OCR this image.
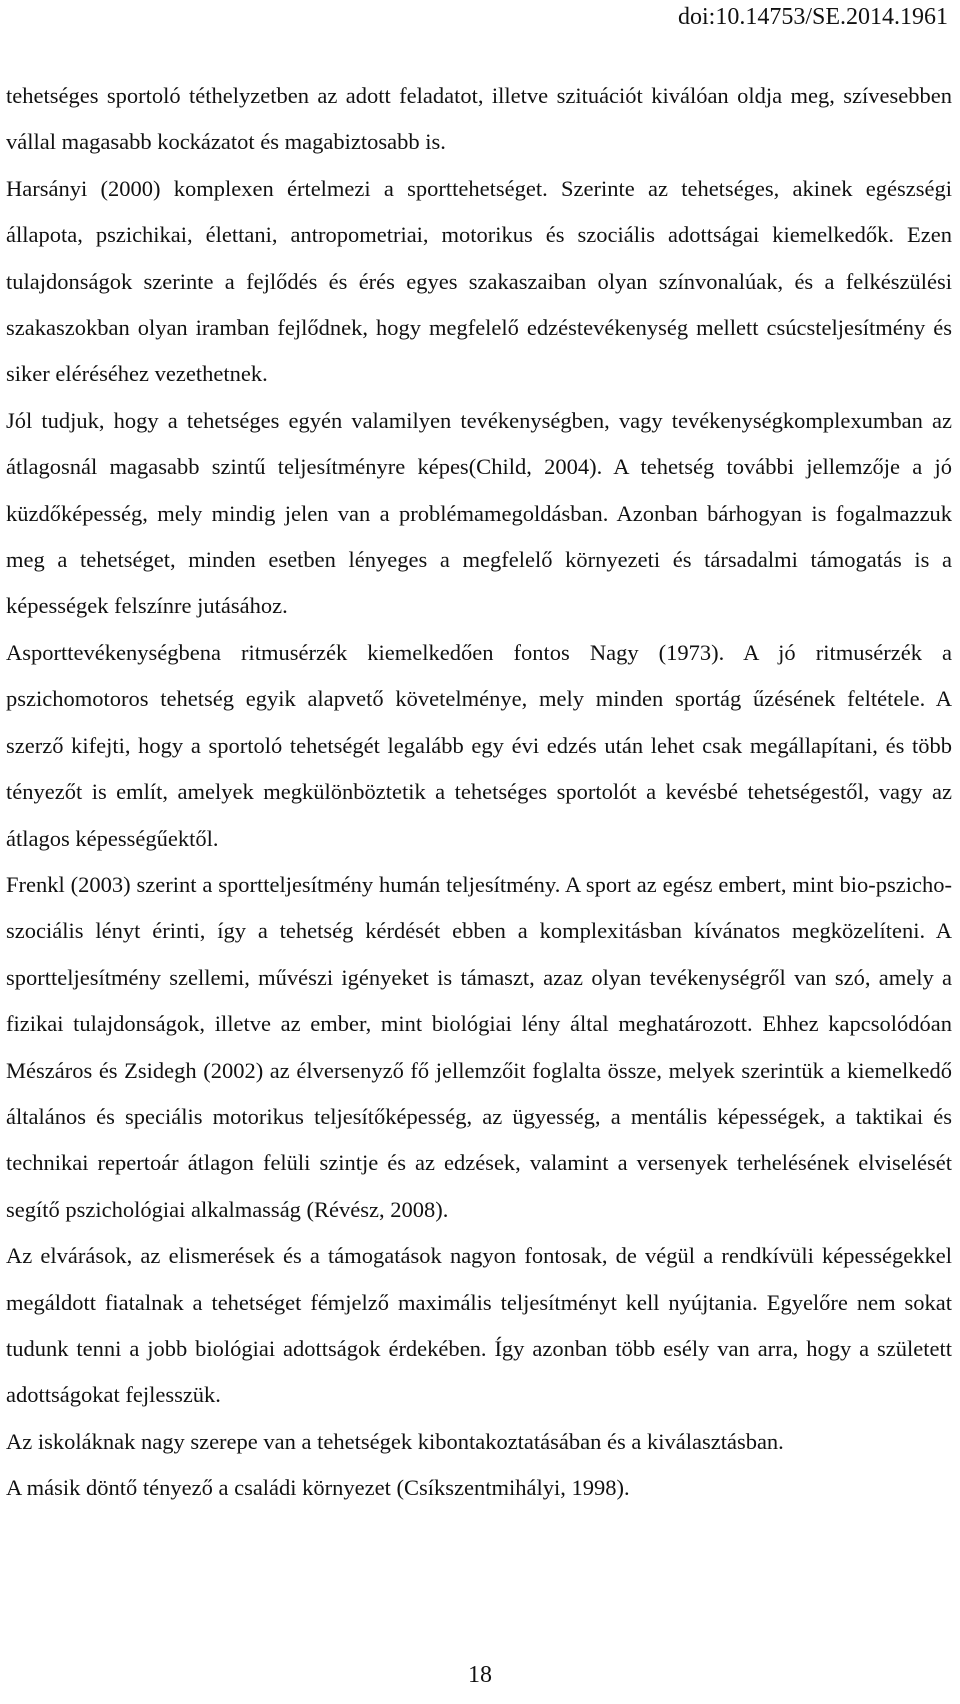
doi:10.14753/SE.2014.1961

tehetséges sportoló téthelyzetben az adott feladatot, illetve szituációt kiválóan oldja meg, szívesebben vállal magasabb kockázatot és magabiztosabb is.

Harsányi (2000) komplexen értelmezi a sporttehetséget. Szerinte az tehetséges, akinek egészségi állapota, pszichikai, élettani, antropometriai, motorikus és szociális adottságai kiemelkedők. Ezen tulajdonságok szerinte a fejlődés és érés egyes szakaszaiban olyan színvonalúak, és a felkészülési szakaszokban olyan iramban fejlődnek, hogy megfelelő edzéstevékenység mellett csúcsteljesítmény és siker eléréséhez vezethetnek.

Jól tudjuk, hogy a tehetséges egyén valamilyen tevékenységben, vagy tevékenységkomplexumban az átlagosnál magasabb szintű teljesítményre képes(Child, 2004). A tehetség további jellemzője a jó küzdőképesség, mely mindig jelen van a problémamegoldásban. Azonban bárhogyan is fogalmazzuk meg a tehetséget, minden esetben lényeges a megfelelő környezeti és társadalmi támogatás is a képességek felszínre jutásához.

Asporttevékenységbena ritmusérzék kiemelkedően fontos Nagy (1973). A jó ritmusérzék a pszichomotoros tehetség egyik alapvető követelménye, mely minden sportág űzésének feltétele. A szerző kifejti, hogy a sportoló tehetségét legalább egy évi edzés után lehet csak megállapítani, és több tényezőt is említ, amelyek megkülönböztetik a tehetséges sportolót a kevésbé tehetségestől, vagy az átlagos képességűektől.

Frenkl (2003) szerint a sportteljesítmény humán teljesítmény. A sport az egész embert, mint bio-pszicho-szociális lényt érinti, így a tehetség kérdését ebben a komplexitásban kívánatos megközelíteni. A sportteljesítmény szellemi, művészi igényeket is támaszt, azaz olyan tevékenységről van szó, amely a fizikai tulajdonságok, illetve az ember, mint biológiai lény által meghatározott. Ehhez kapcsolódóan Mészáros és Zsidegh (2002) az élversenyző fő jellemzőit foglalta össze, melyek szerintük a kiemelkedő általános és speciális motorikus teljesítőképesség, az ügyesség, a mentális képességek, a taktikai és technikai repertoár átlagon felüli szintje és az edzések, valamint a versenyek terhelésének elviselését segítő pszichológiai alkalmasság (Révész, 2008).

Az elvárások, az elismerések és a támogatások nagyon fontosak, de végül a rendkívüli képességekkel megáldott fiatalnak a tehetséget fémjelző maximális teljesítményt kell nyújtania. Egyelőre nem sokat tudunk tenni a jobb biológiai adottságok érdekében. Így azonban több esély van arra, hogy a született adottságokat fejlesszük.

Az iskoláknak nagy szerepe van a tehetségek kibontakoztatásában és a kiválasztásban.

A másik döntő tényező a családi környezet (Csíkszentmihályi, 1998).

18
